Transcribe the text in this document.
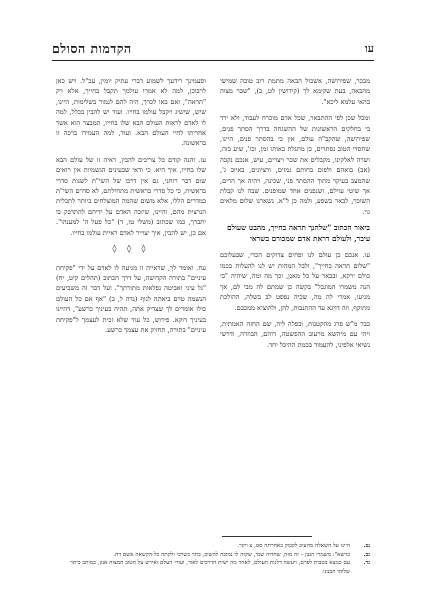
עו
הקדמות הסולם

מבכר, שפירושה, אשכול הבאה מתמת רוב טובה שמישי מהבאה, בעת שקימא לך (קידושין לט, ב), "שכר מצוה בהאי עלמא ליכא".

ומכל שכן לפי ההתבאר, שכל אדם מוכרח לעבוד, ולא ירד בי בחלקים הראשונות של ההשגחה בדרך הסתר פנים, שפירושה, שהקב"ה עולם, אין כי בהסתר פנים, היינו, שחסדי הטוב נסתרים, כן מתגלת באותו זמן, וכו', שיע בזה, ושרה לאלקינו, מקבלים את שכר ויצרים, עיש, אנכם נקבה (אב) בואהם ולפום בחותם גמזים, ורציונים, באיוב ג', שהמצב בעיקר מתוך ההסתר פני, שכינה, ויהיה אך הרים, אך שיטי עוילם, ושנפנים אחד שמופנים. שבה לנו קבלת השוכר, לבאר בשפע, ולמה כן ל"א. נשארנו שלום מלאים גוי.

ביאור הכתוב "שלהנך תראה בחייך, מהבט שעולם עיבר, ולעולם דראת אדם שמכורם בשראי

עו. אנכם כן עולם לנו ופחים צדוקים הכדי, שבעלוכם "שלום תראה בחייך", ולבל המהות יש לנו להעלות בכמו כולם ירקא, ובבאר על כל מאנן, וכך מה ומה, שיהיה "בי הנה משמרו המוגבל" בקשה כן שמתם לה מבי לם, אך מגיעו, אמרי לה מה, שכיה נפסט לב בשלה, ההולכת מתוקף, וזה דויגא עד ההתנבות, להן, ולהוציא ממכבם.

כבר מ"ש פרג מהקטנות, ובפלה ליה, שם החזה האמתית, ויהי עם מיהשא מרעוב ההפשטה, דוהם, הבוזרה, ודרשי נשיאי אלפיני, להעמוד בכמת ההיכל יחד.

וסעמינך רידעך לשמוע דברי עתיק יומין, עכ"ל. ויש כאן לרבוכן, למה לא אמרו עולמך תקבל בחייך, אלא רק "תראה", ואם באו לכרך, היה להם לגמור בשלימות, היינו, שיש, שישיג ויקבל עולמו בחייו. ועוד יש להבין בכלל, למה לו לאדם לראות העולם הבא שלו בחייו, המבצר הוא אשר אחריתו לחיי העולם הבא. ועוד, למה העמידו ברכה זו בראשונה.

עז. והנה קודם כל צריכים להבין, ראיה זו של עולם הבא שלו בחייו, איך היא. כי ודאי שבעינים הגשמיות אין רואים שום דבר רוחני, גם אין דרכו של השי"ת לשנות סדרי בראשית, כי כל סדרי בראשית מתחילתם, לא סדרם השי"ת במדרים הללו, אלא משום שהמה המוצלחים ביותר לתכלית הנרצית מהם, והיינו, שיזכה האדם על ידיהם להתדבק בו יתברך, כמו שכתוב (משלי טז, ד) "כל פעל ה' למענהו". אם כן, יש להבין, איך יצוייר לאדם ראיית עולמו בחייו.

◊ ◊ ◊

עח. ואומר לך, שראייה זו מגיעה לו לאדם על ידי "פקיחת עיניים" בתורה הקדושה, על דרך הכתוב (תהלים קיט, יח) "גל עיני ואביטה נפלאות מתורתך". ועל דבר זה משביעים הנשמה טרם ביאתה לגוף (נדה ל, ב) "אף אם כל העולם כולו אומרים לך שצדיק אתה, תהיה בעיניך כרשע", דהיינו בעיניך דוקא. פירוש, כל עוד שלא זכית לעצמך ל"פקיחת עיניים" בתורה, תחזיק את עצמך כרשע.

נב.
היינו על השאלה מהעיב לקבוק באחרתה סט, צ ויקר.
נב.
כרשא": משמרי הגבן – זה מזה, שחדוה שמי, שקזה לו נמוכה להשיב, כתר כשרכי ולקתה כל הקשאה אשם דה.
נד.
עם כנוצא בטבות לפרם, ויעשה דלגות העולם, לאחר מה ישית הדרכים לאור, ועורי העלם ואירש על הטוב המצוה אנון, כמותב כיתר שלוחו הבנוני.
